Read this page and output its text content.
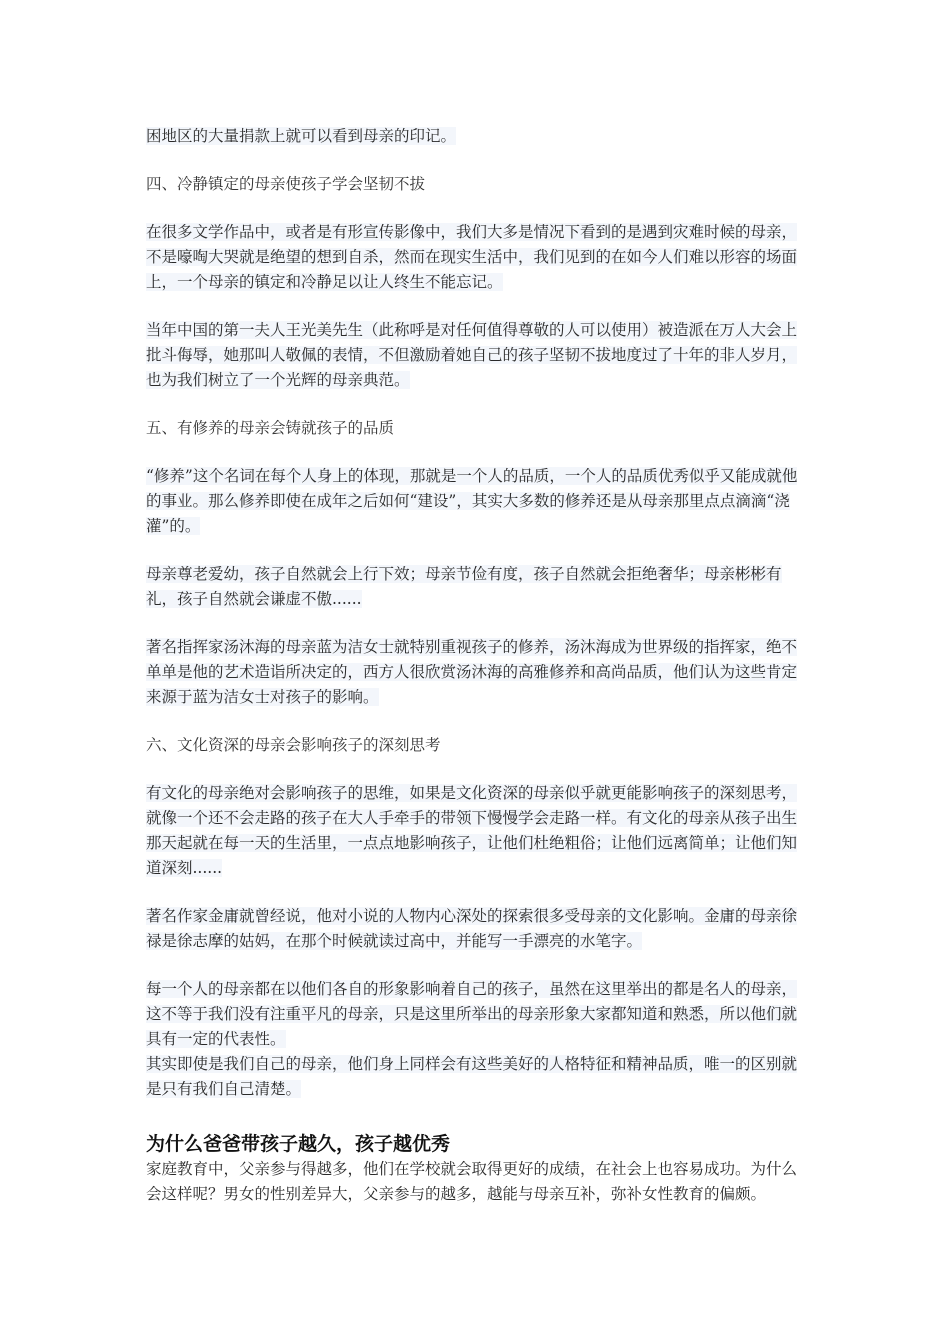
困地区的大量捐款上就可以看到母亲的印记。

四、冷静镇定的母亲使孩子学会坚韧不拔

在很多文学作品中，或者是有形宣传影像中，我们大多是情况下看到的是遇到灾难时候的母亲，不是嚎啕大哭就是绝望的想到自杀，然而在现实生活中，我们见到的在如今人们难以形容的场面上，一个母亲的镇定和冷静足以让人终生不能忘记。

当年中国的第一夫人王光美先生（此称呼是对任何值得尊敬的人可以使用）被造派在万人大会上批斗侮辱，她那叫人敬佩的表情，不但激励着她自己的孩子坚韧不拔地度过了十年的非人岁月，也为我们树立了一个光辉的母亲典范。

五、有修养的母亲会铸就孩子的品质

“修养”这个名词在每个人身上的体现，那就是一个人的品质，一个人的品质优秀似乎又能成就他的事业。那么修养即使在成年之后如何“建设”，其实大多数的修养还是从母亲那里点点滴滴“浇灌”的。

母亲尊老爱幼，孩子自然就会上行下效；母亲节俭有度，孩子自然就会拒绝奢华；母亲彬彬有礼，孩子自然就会谦虚不傲......

著名指挥家汤沐海的母亲蓝为洁女士就特别重视孩子的修养，汤沐海成为世界级的指挥家，绝不单单是他的艺术造诣所决定的，西方人很欣赏汤沐海的高雅修养和高尚品质，他们认为这些肯定来源于蓝为洁女士对孩子的影响。

六、文化资深的母亲会影响孩子的深刻思考

有文化的母亲绝对会影响孩子的思维，如果是文化资深的母亲似乎就更能影响孩子的深刻思考，就像一个还不会走路的孩子在大人手牵手的带领下慢慢学会走路一样。有文化的母亲从孩子出生那天起就在每一天的生活里，一点点地影响孩子，让他们杜绝粗俗；让他们远离简单；让他们知道深刻......

著名作家金庸就曾经说，他对小说的人物内心深处的探索很多受母亲的文化影响。金庸的母亲徐禄是徐志摩的姑妈，在那个时候就读过高中，并能写一手漂亮的水笔字。

每一个人的母亲都在以他们各自的形象影响着自己的孩子，虽然在这里举出的都是名人的母亲，这不等于我们没有注重平凡的母亲，只是这里所举出的母亲形象大家都知道和熟悉，所以他们就具有一定的代表性。

其实即使是我们自己的母亲，他们身上同样会有这些美好的人格特征和精神品质，唯一的区别就是只有我们自己清楚。

为什么爸爸带孩子越久，孩子越优秀

家庭教育中，父亲参与得越多，他们在学校就会取得更好的成绩，在社会上也容易成功。为什么会这样呢？男女的性别差异大，父亲参与的越多，越能与母亲互补，弥补女性教育的偏颇。
